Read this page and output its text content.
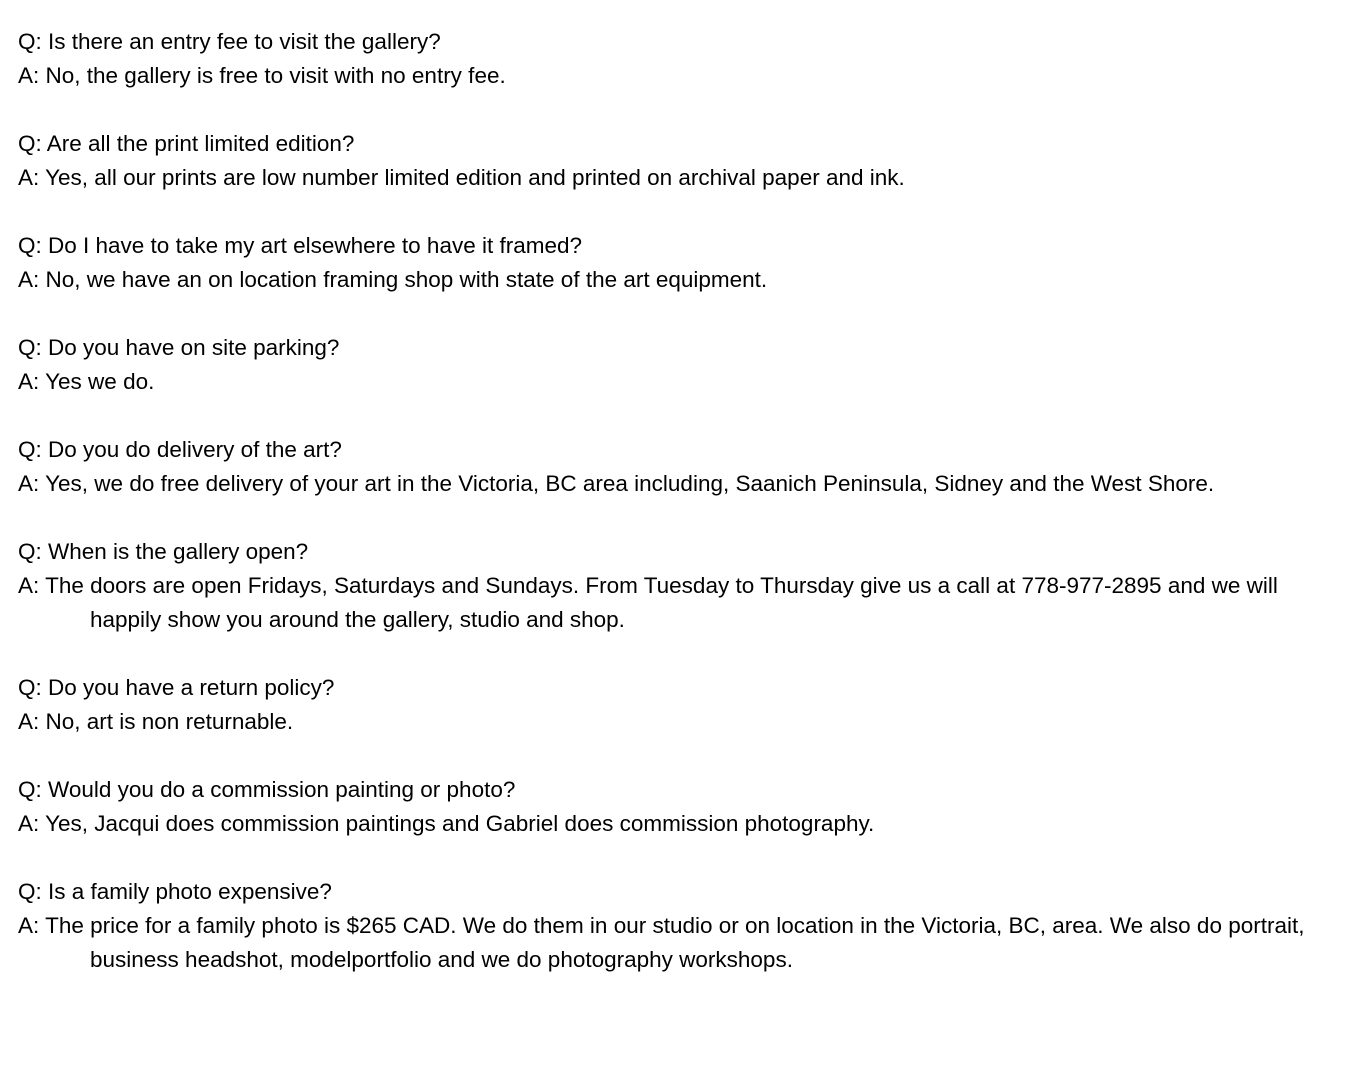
Q: Is there an entry fee to visit the gallery?
A: No, the gallery is free to visit with no entry fee.
Q: Are all the print limited edition?
A: Yes, all our prints are low number limited edition and printed on archival paper and ink.
Q: Do I have to take my art elsewhere to have it framed?
A: No, we have an on location framing shop with state of the art equipment.
Q: Do you have on site parking?
A: Yes we do.
Q: Do you do delivery of the art?
A: Yes, we do free delivery of your art in the Victoria, BC area including, Saanich Peninsula, Sidney and the West Shore.
Q: When is the gallery open?
A: The doors are open Fridays, Saturdays and Sundays. From Tuesday to Thursday give us a call at 778-977-2895 and we will happily show you around the gallery, studio and shop.
Q: Do you have a return policy?
A: No, art is non returnable.
Q: Would you do a commission painting or photo?
A: Yes, Jacqui does commission paintings and Gabriel does commission photography.
Q: Is a family photo expensive?
A: The price for a family photo is $265 CAD. We do them in our studio or on location in the Victoria, BC, area. We also do portrait, business headshot, modelportfolio and we do photography workshops.
